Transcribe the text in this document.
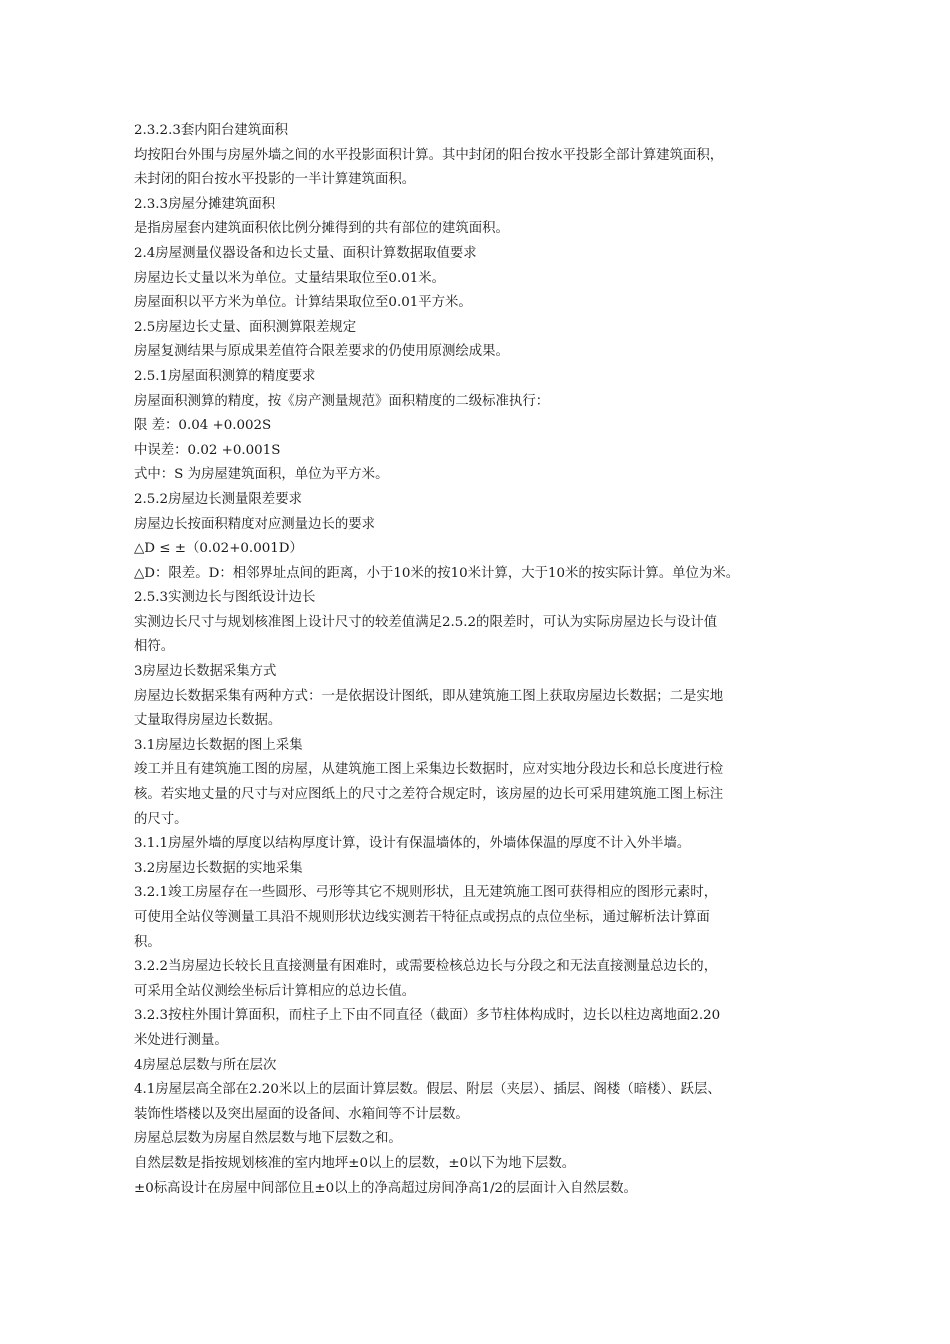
2.3.2.3套内阳台建筑面积
均按阳台外围与房屋外墙之间的水平投影面积计算。其中封闭的阳台按水平投影全部计算建筑面积，
未封闭的阳台按水平投影的一半计算建筑面积。
2.3.3房屋分摊建筑面积
是指房屋套内建筑面积依比例分摊得到的共有部位的建筑面积。
2.4房屋测量仪器设备和边长丈量、面积计算数据取值要求
房屋边长丈量以米为单位。丈量结果取位至0.01米。
房屋面积以平方米为单位。计算结果取位至0.01平方米。
2.5房屋边长丈量、面积测算限差规定
房屋复测结果与原成果差值符合限差要求的仍使用原测绘成果。
2.5.1房屋面积测算的精度要求
房屋面积测算的精度，按《房产测量规范》面积精度的二级标准执行：
限 差：0.04 +0.002S
中误差：0.02 +0.001S
式中：S 为房屋建筑面积，单位为平方米。
2.5.2房屋边长测量限差要求
房屋边长按面积精度对应测量边长的要求
△D ≤ ±（0.02+0.001D）
△D：限差。D：相邻界址点间的距离，小于10米的按10米计算，大于10米的按实际计算。单位为米。
2.5.3实测边长与图纸设计边长
实测边长尺寸与规划核准图上设计尺寸的较差值满足2.5.2的限差时，可认为实际房屋边长与设计值
相符。
3房屋边长数据采集方式
房屋边长数据采集有两种方式：一是依据设计图纸，即从建筑施工图上获取房屋边长数据；二是实地
丈量取得房屋边长数据。
3.1房屋边长数据的图上采集
竣工并且有建筑施工图的房屋，从建筑施工图上采集边长数据时，应对实地分段边长和总长度进行检
核。若实地丈量的尺寸与对应图纸上的尺寸之差符合规定时，该房屋的边长可采用建筑施工图上标注
的尺寸。
3.1.1房屋外墙的厚度以结构厚度计算，设计有保温墙体的，外墙体保温的厚度不计入外半墙。
3.2房屋边长数据的实地采集
3.2.1竣工房屋存在一些圆形、弓形等其它不规则形状，且无建筑施工图可获得相应的图形元素时，
可使用全站仪等测量工具沿不规则形状边线实测若干特征点或拐点的点位坐标，通过解析法计算面
积。
3.2.2当房屋边长较长且直接测量有困难时，或需要检核总边长与分段之和无法直接测量总边长的，
可采用全站仪测绘坐标后计算相应的总边长值。
3.2.3按柱外围计算面积，而柱子上下由不同直径（截面）多节柱体构成时，边长以柱边离地面2.20
米处进行测量。
4房屋总层数与所在层次
4.1房屋层高全部在2.20米以上的层面计算层数。假层、附层（夹层）、插层、阁楼（暗楼）、跃层、
装饰性塔楼以及突出屋面的设备间、水箱间等不计层数。
房屋总层数为房屋自然层数与地下层数之和。
自然层数是指按规划核准的室内地坪±0以上的层数，±0以下为地下层数。
±0标高设计在房屋中间部位且±0以上的净高超过房间净高1/2的层面计入自然层数。
